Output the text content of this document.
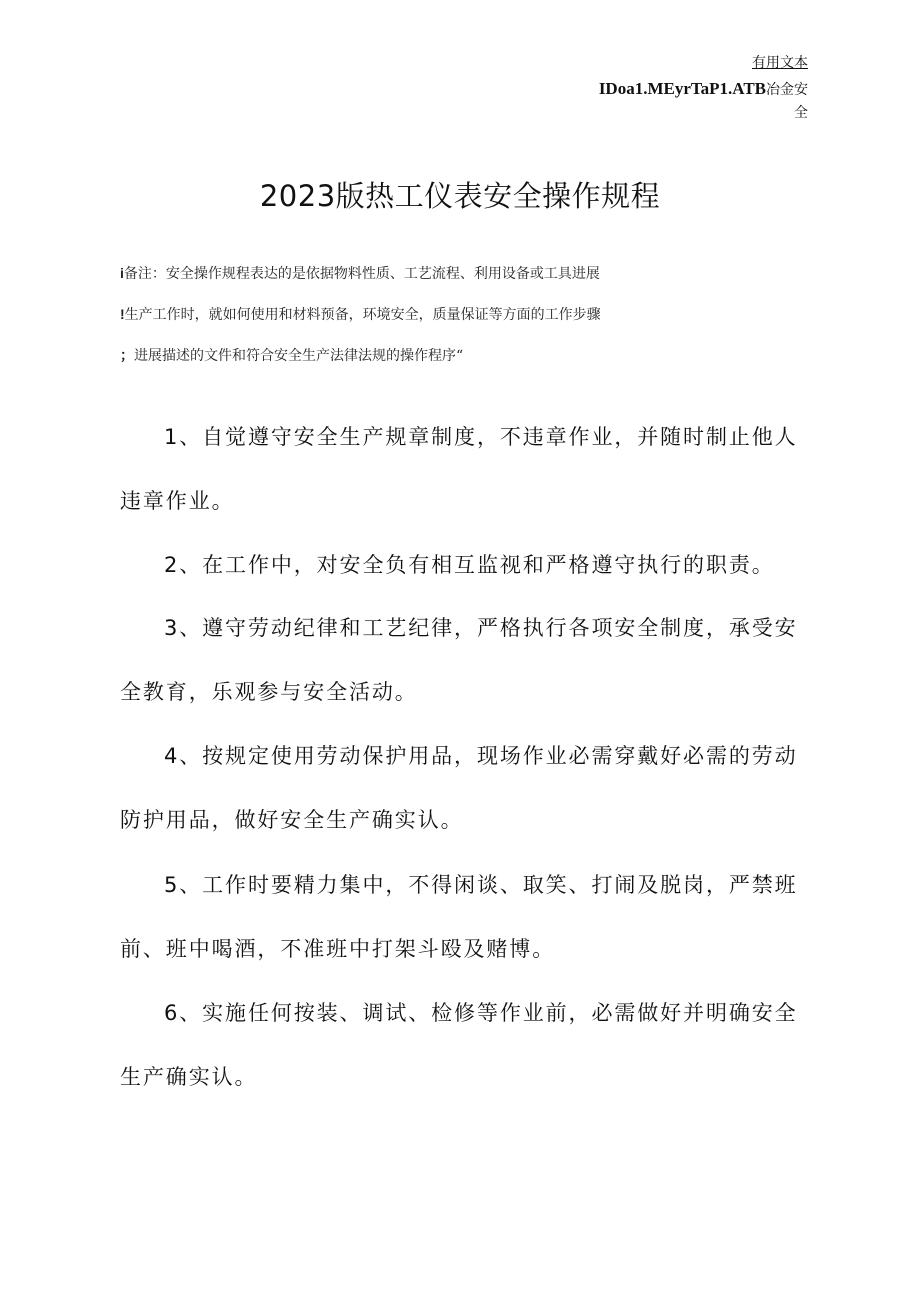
有用文本
IDoa1.MEyrTaP1.ATB冶金安
全
2023版热工仪表安全操作规程
i备注：安全操作规程表达的是依据物料性质、工艺流程、利用设备或工具进展
!生产工作时，就如何使用和材料预备，环境安全，质量保证等方面的工作步骤
；进展描述的文件和符合安全生产法律法规的操作程序“

1、自觉遵守安全生产规章制度，不违章作业，并随时制止他人违章作业。

2、在工作中，对安全负有相互监视和严格遵守执行的职责。

3、遵守劳动纪律和工艺纪律，严格执行各项安全制度，承受安全教育，乐观参与安全活动。

4、按规定使用劳动保护用品，现场作业必需穿戴好必需的劳动防护用品，做好安全生产确实认。

5、工作时要精力集中，不得闲谈、取笑、打闹及脱岗，严禁班前、班中喝酒，不准班中打架斗殴及赌博。

6、实施任何按装、调试、检修等作业前，必需做好并明确安全生产确实认。
